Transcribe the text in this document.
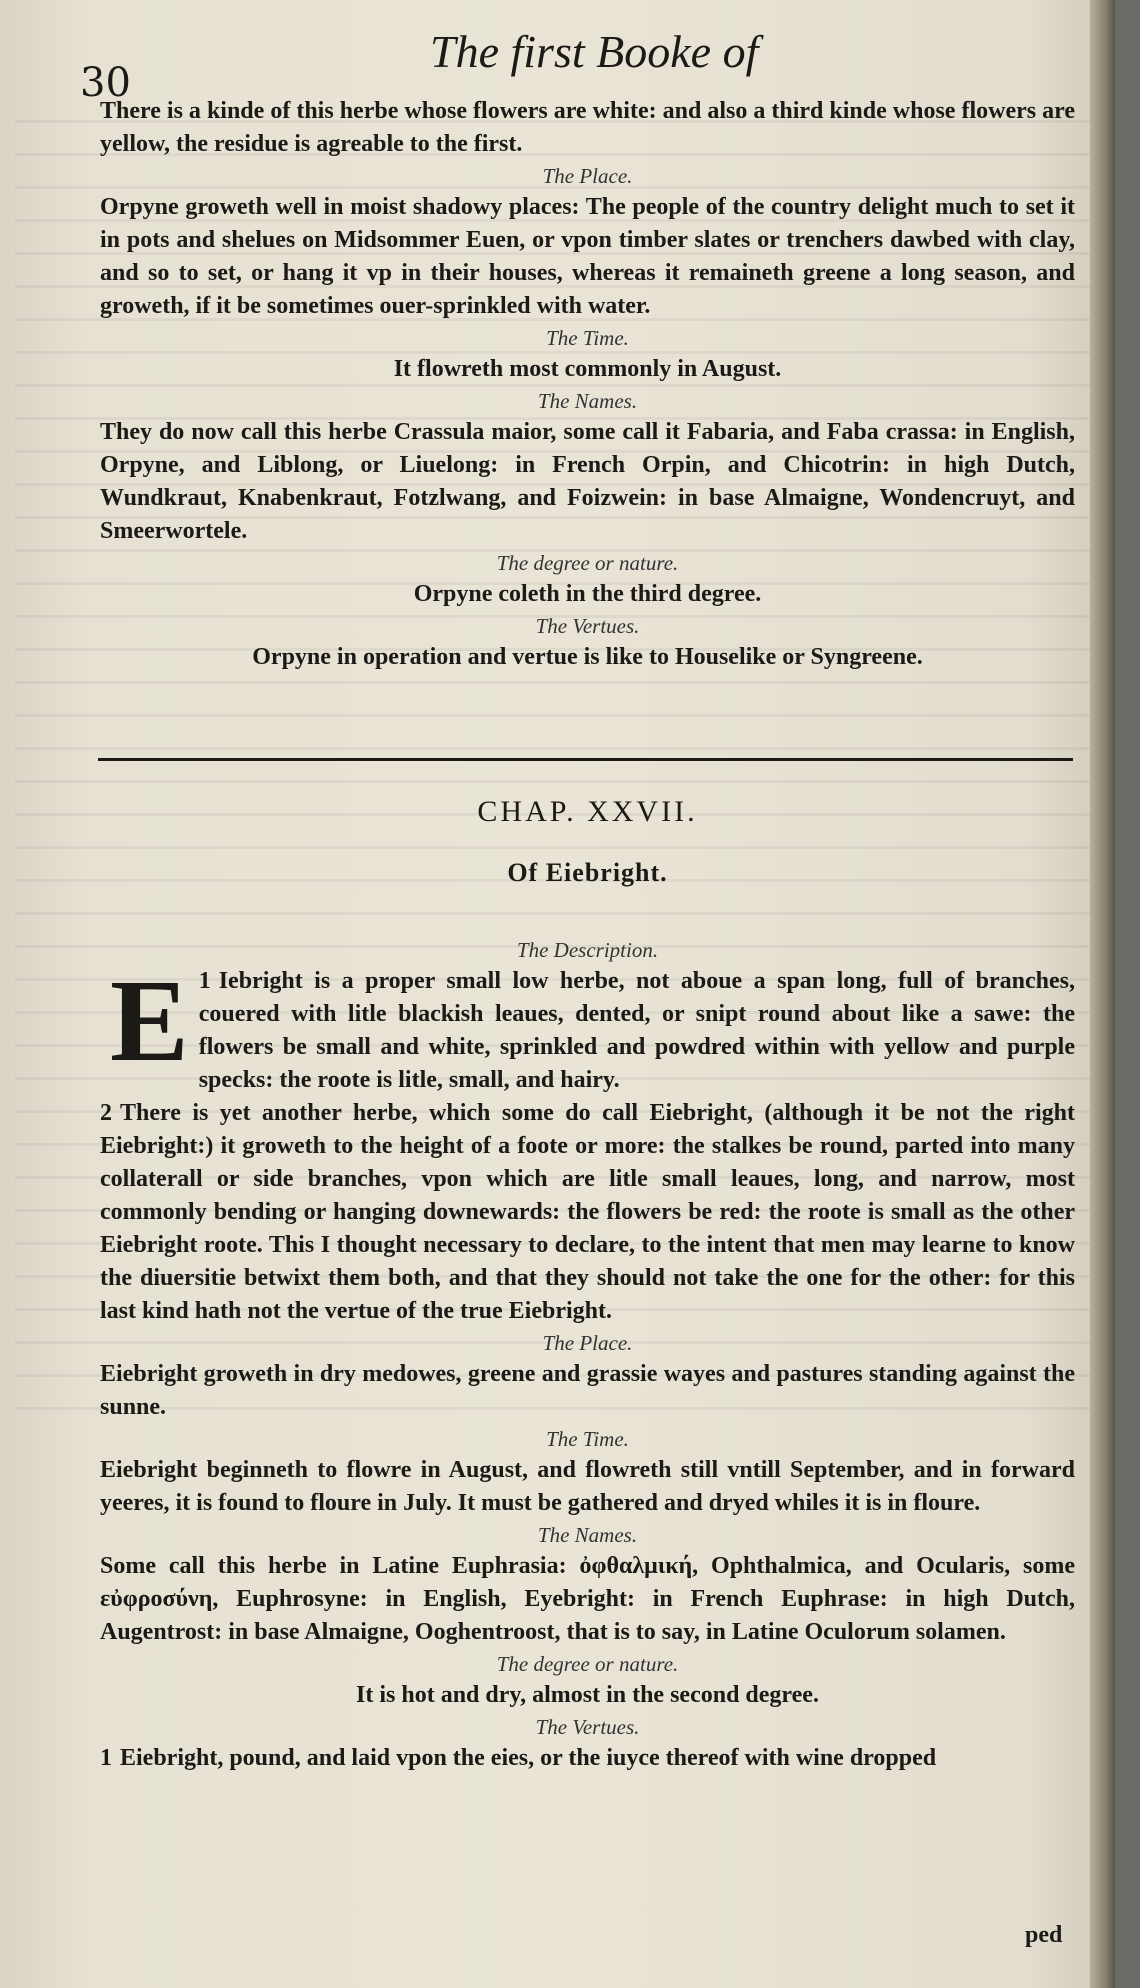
30
The first Booke of

There is a kinde of this herbe whose flowers are white: and also a third kinde whose flowers are yellow, the residue is agreable to the first.

The Place.

Orpyne groweth well in moist shadowy places: The people of the country delight much to set it in pots and shelues on Midsommer Euen, or vpon timber slates or trenchers dawbed with clay, and so to set, or hang it vp in their houses, whereas it remaineth greene a long season, and groweth, if it be sometimes ouer-sprinkled with water.

The Time.

It flowreth most commonly in August.

The Names.

They do now call this herbe Crassula maior, some call it Fabaria, and Faba crassa: in English, Orpyne, and Liblong, or Liuelong: in French Orpin, and Chicotrin: in high Dutch, Wundkraut, Knabenkraut, Fotzlwang, and Foizwein: in base Almaigne, Wondencruyt, and Smeerwortele.

The degree or nature.

Orpyne coleth in the third degree.

The Vertues.

Orpyne in operation and vertue is like to Houselike or Syngreene.

CHAP. XXVII.
Of Eiebright.
The Description.

1
E Iebright is a proper small low herbe, not aboue a span long, full of branches, couered with litle blackish leaues, dented, or snipt round about like a sawe: the flowers be small and white, sprinkled and powdred within with yellow and purple specks: the roote is litle, small, and hairy.

2 There is yet another herbe, which some do call Eiebright, (although it be not the right Eiebright:) it groweth to the height of a foote or more: the stalkes be round, parted into many collaterall or side branches, vpon which are litle small leaues, long, and narrow, most commonly bending or hanging downewards: the flowers be red: the roote is small as the other Eiebright roote. This I thought necessary to declare, to the intent that men may learne to know the diuersitie betwixt them both, and that they should not take the one for the other: for this last kind hath not the vertue of the true Eiebright.

The Place.

Eiebright groweth in dry medowes, greene and grassie wayes and pastures standing against the sunne.

The Time.

Eiebright beginneth to flowre in August, and flowreth still vntill September, and in forward yeeres, it is found to floure in July. It must be gathered and dryed whiles it is in floure.

The Names.

Some call this herbe in Latine Euphrasia: ὀφθαλμική, Ophthalmica, and Ocularis, some εὐφροσύνη, Euphrosyne: in English, Eyebright: in French Euphrase: in high Dutch, Augentrost: in base Almaigne, Ooghentroost, that is to say, in Latine Oculorum solamen.

The degree or nature.

It is hot and dry, almost in the second degree.

The Vertues.

1 Eiebright, pound, and laid vpon the eies, or the iuyce thereof with wine dropped

ped
